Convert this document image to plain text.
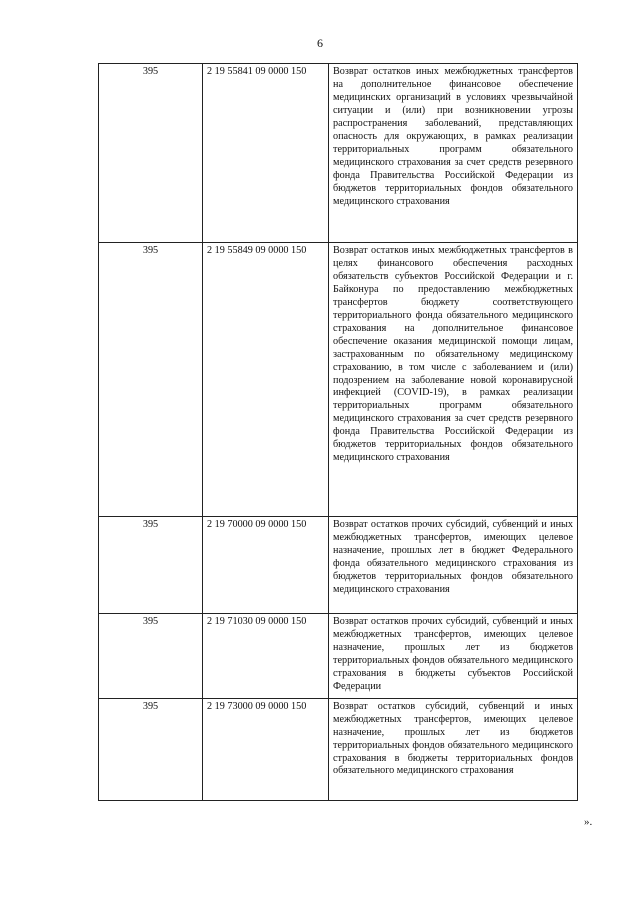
6
395	2 19 55841 09 0000 150	Возврат остатков иных межбюджетных трансфертов на дополнительное финансовое обеспечение медицинских организаций в условиях чрезвычайной ситуации и (или) при возникновении угрозы распространения заболеваний, представляющих опасность для окружающих, в рамках реализации территориальных программ обязательного медицинского страхования за счет средств резервного фонда Правительства Российской Федерации из бюджетов территориальных фондов обязательного медицинского страхования
395	2 19 55849 09 0000 150	Возврат остатков иных межбюджетных трансфертов в целях финансового обеспечения расходных обязательств субъектов Российской Федерации и г. Байконура по предоставлению межбюджетных трансфертов бюджету соответствующего территориального фонда обязательного медицинского страхования на дополнительное финансовое обеспечение оказания медицинской помощи лицам, застрахованным по обязательному медицинскому страхованию, в том числе с заболеванием и (или) подозрением на заболевание новой коронавирусной инфекцией (COVID-19), в рамках реализации территориальных программ обязательного медицинского страхования за счет средств резервного фонда Правительства Российской Федерации из бюджетов территориальных фондов обязательного медицинского страхования
395	2 19 70000 09 0000 150	Возврат остатков прочих субсидий, субвенций и иных межбюджетных трансфертов, имеющих целевое назначение, прошлых лет в бюджет Федерального фонда обязательного медицинского страхования из бюджетов территориальных фондов обязательного медицинского страхования
395	2 19 71030 09 0000 150	Возврат остатков прочих субсидий, субвенций и иных межбюджетных трансфертов, имеющих целевое назначение, прошлых лет из бюджетов территориальных фондов обязательного медицинского страхования в бюджеты субъектов Российской Федерации
395	2 19 73000 09 0000 150	Возврат остатков субсидий, субвенций и иных межбюджетных трансфертов, имеющих целевое назначение, прошлых лет из бюджетов территориальных фондов обязательного медицинского страхования в бюджеты территориальных фондов обязательного медицинского страхования
».
